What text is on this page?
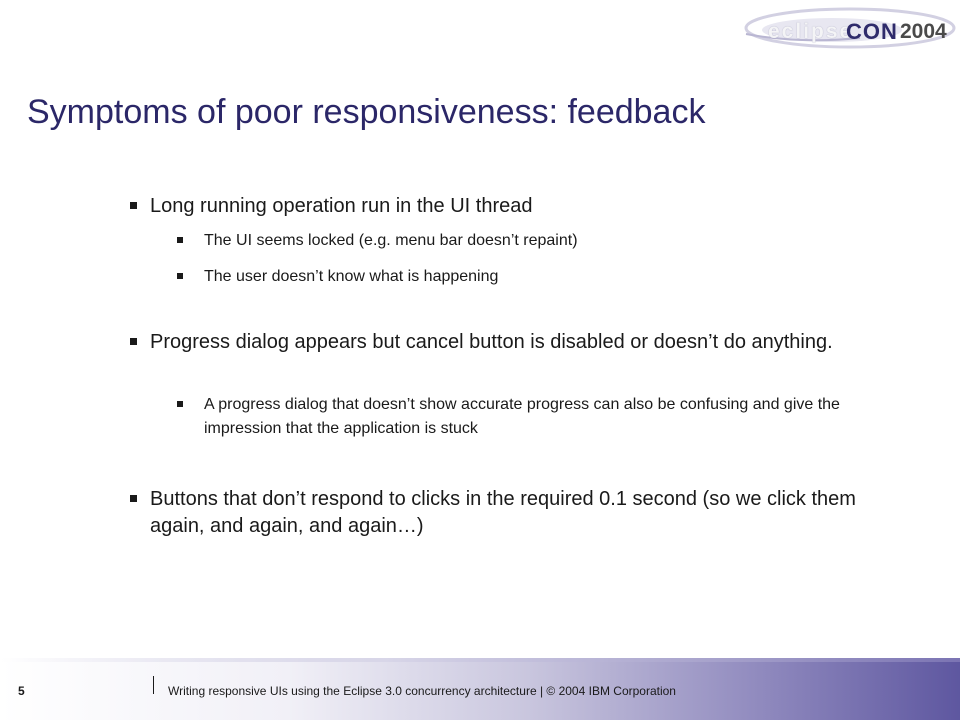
eclipse
CON 2004
Symptoms of poor responsiveness: feedback

Long running operation run in the UI thread

The UI seems locked (e.g. menu bar doesn’t repaint)

The user doesn’t know what is happening

Progress dialog appears but cancel button is disabled or doesn’t do anything.

A progress dialog that doesn’t show accurate progress can also be confusing and give the impression that the application is stuck

Buttons that don’t respond to clicks in the required 0.1 second (so we click them again, and again, and again…)

5	Writing responsive UIs using the Eclipse 3.0 concurrency architecture | © 2004 IBM Corporation
